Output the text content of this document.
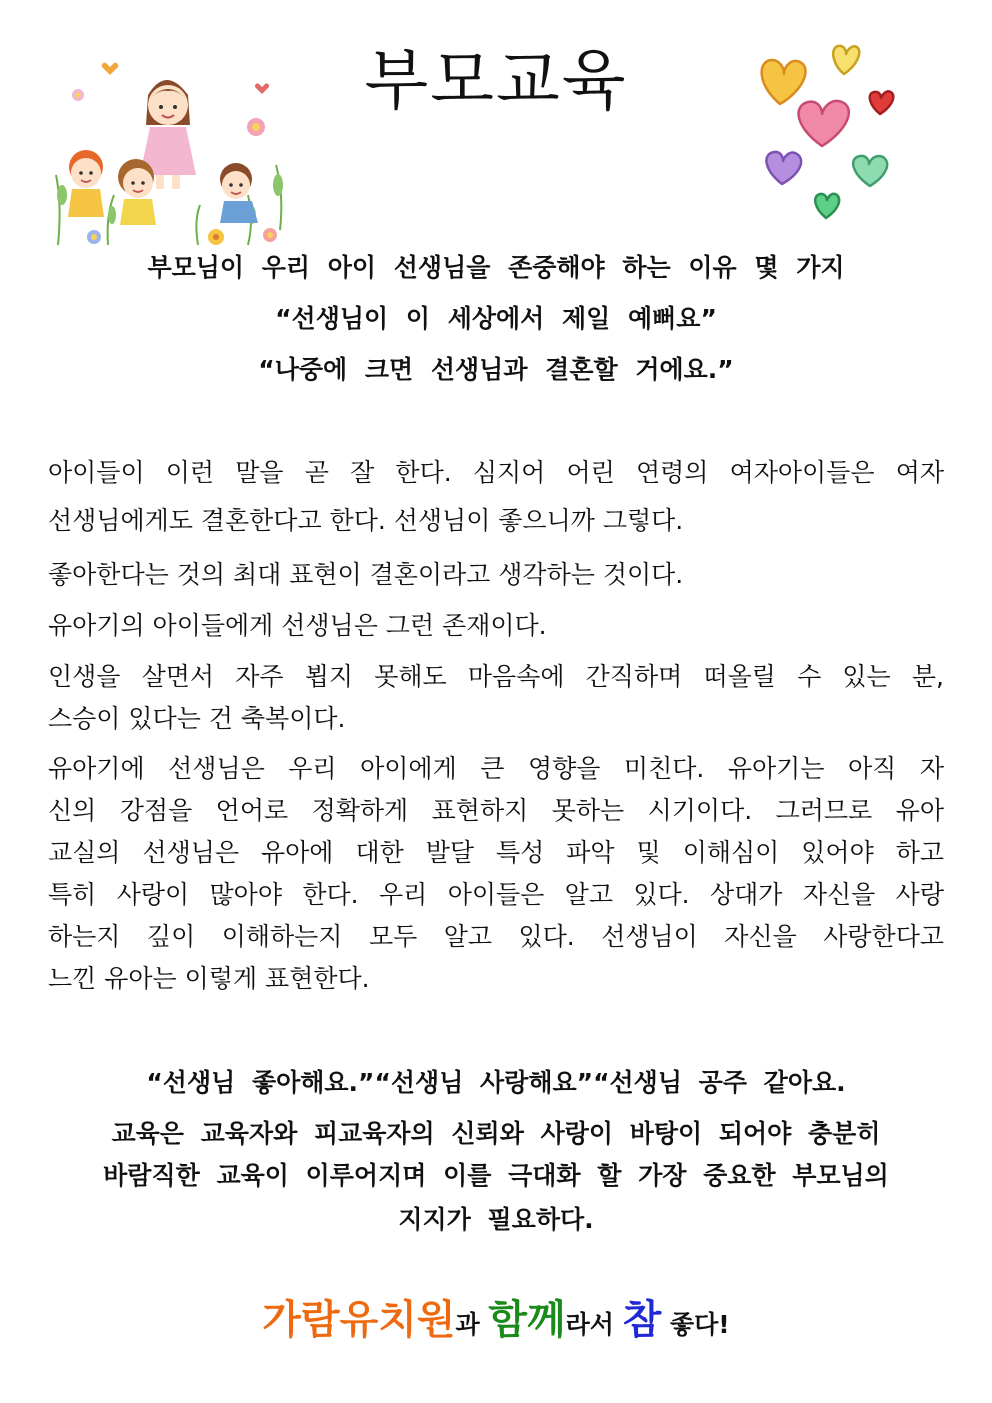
부모교육
부모님이 우리 아이 선생님을 존중해야 하는 이유 몇 가지
“선생님이 이 세상에서 제일 예뻐요”
“나중에 크면 선생님과 결혼할 거에요.”
아이들이 이런 말을 곧 잘 한다. 심지어 어린 연령의 여자아이들은 여자
선생님에게도 결혼한다고 한다. 선생님이 좋으니까 그렇다.
좋아한다는 것의 최대 표현이 결혼이라고 생각하는 것이다.
유아기의 아이들에게 선생님은 그런 존재이다.
인생을 살면서 자주 뵙지 못해도 마음속에 간직하며 떠올릴 수 있는 분,
스승이 있다는 건 축복이다.
유아기에 선생님은 우리 아이에게 큰 영향을 미친다. 유아기는 아직 자
신의 강점을 언어로 정확하게 표현하지 못하는 시기이다. 그러므로 유아
교실의 선생님은 유아에 대한 발달 특성 파악 및 이해심이 있어야 하고
특히 사랑이 많아야 한다. 우리 아이들은 알고 있다. 상대가 자신을 사랑
하는지 깊이 이해하는지 모두 알고 있다. 선생님이 자신을 사랑한다고
느낀 유아는 이렇게 표현한다.
“선생님 좋아해요.”“선생님 사랑해요”“선생님 공주 같아요.
교육은 교육자와 피교육자의 신뢰와 사랑이 바탕이 되어야 충분히
바람직한 교육이 이루어지며 이를 극대화 할 가장 중요한 부모님의
지지가 필요하다.
가람유치원과 함께라서 참 좋다!
